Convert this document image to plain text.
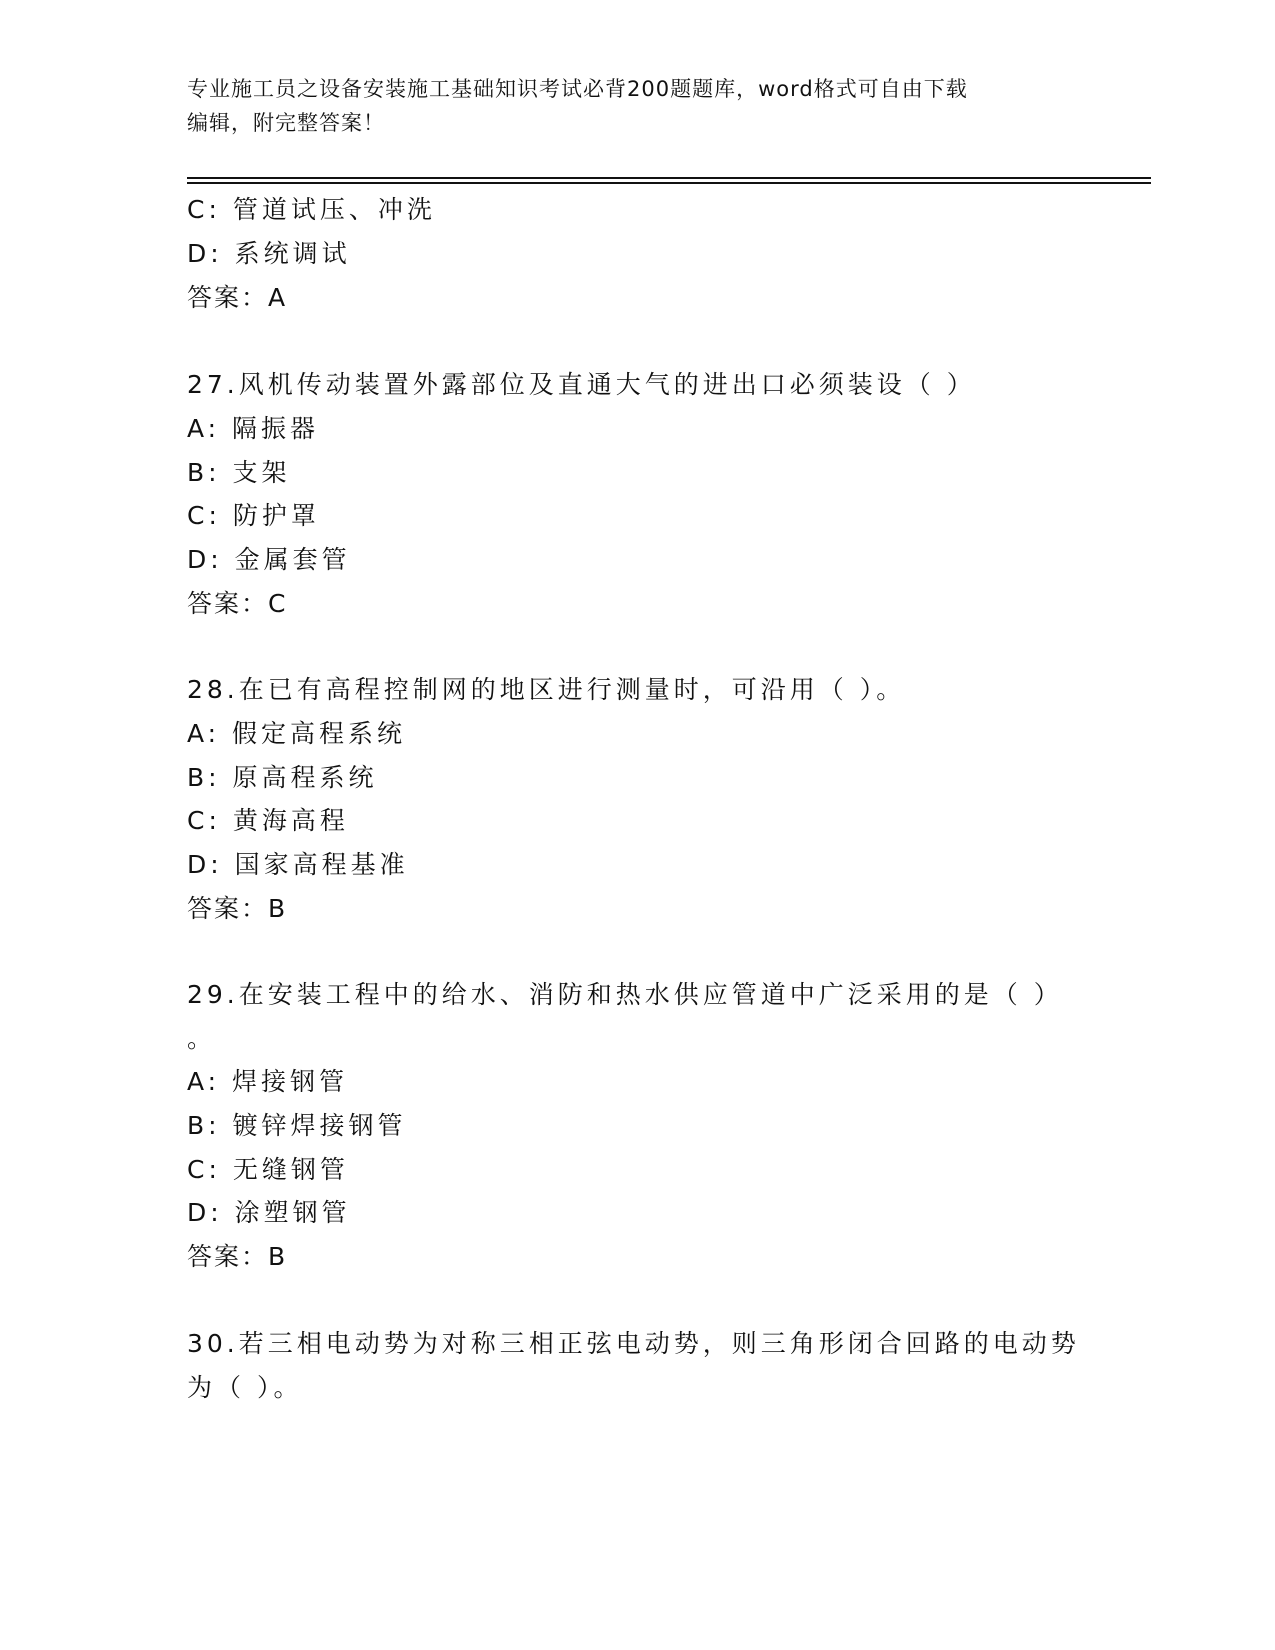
专业施工员之设备安装施工基础知识考试必背200题题库，word格式可自由下载
编辑，附完整答案！
C: 管道试压、冲洗
D: 系统调试
答案：A
27.风机传动装置外露部位及直通大气的进出口必须装设（ ）
A: 隔振器
B: 支架
C: 防护罩
D: 金属套管
答案：C
28.在已有高程控制网的地区进行测量时，可沿用（ ）。
A: 假定高程系统
B: 原高程系统
C: 黄海高程
D: 国家高程基准
答案：B
29.在安装工程中的给水、消防和热水供应管道中广泛采用的是（ ）
。
A: 焊接钢管
B: 镀锌焊接钢管
C: 无缝钢管
D: 涂塑钢管
答案：B
30.若三相电动势为对称三相正弦电动势，则三角形闭合回路的电动势
为（ ）。
